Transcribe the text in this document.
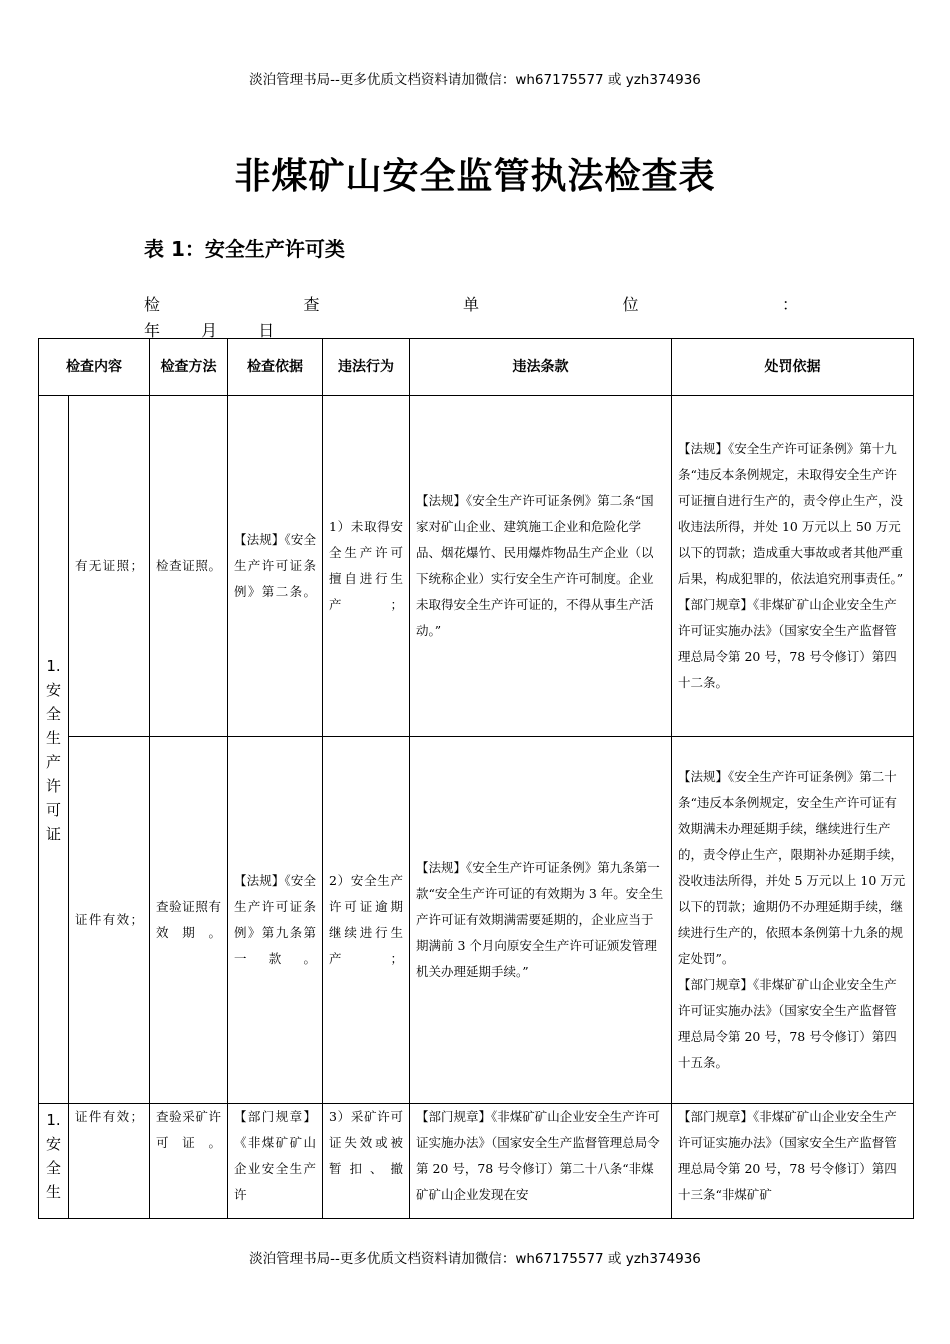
淡泊管理书局--更多优质文档资料请加微信：wh67175577 或 yzh374936
非煤矿山安全监管执法检查表
表 1：安全生产许可类
检	查	单	位	：
年	月	日
检查内容		检查方法	检查依据	违法行为	违法条款	处罚依据
1.安全生产许可证	有无证照；	检查证照。	【法规】《安全生产许可证条例》第二条。	1）未取得安全生产许可擅自进行生产；	【法规】《安全生产许可证条例》第二条“国家对矿山企业、建筑施工企业和危险化学品、烟花爆竹、民用爆炸物品生产企业（以下统称企业）实行安全生产许可制度。企业未取得安全生产许可证的，不得从事生产活动。”	【法规】《安全生产许可证条例》第十九条“违反本条例规定，未取得安全生产许可证擅自进行生产的，责令停止生产，没收违法所得，并处 10 万元以上 50 万元以下的罚款；造成重大事故或者其他严重后果，构成犯罪的，依法追究刑事责任。”
【部门规章】《非煤矿矿山企业安全生产许可证实施办法》（国家安全生产监督管理总局令第 20 号，78 号令修订）第四十二条。

	证件有效；	查验证照有效期。	【法规】《安全生产许可证条例》第九条第一款。	2）安全生产许可证逾期继续进行生产；	【法规】《安全生产许可证条例》第九条第一款“安全生产许可证的有效期为 3 年。安全生产许可证有效期满需要延期的，企业应当于期满前 3 个月向原安全生产许可证颁发管理机关办理延期手续。”	【法规】《安全生产许可证条例》第二十条“违反本条例规定，安全生产许可证有效期满未办理延期手续，继续进行生产的，责令停止生产，限期补办延期手续，没收违法所得，并处 5 万元以上 10 万元以下的罚款；逾期仍不办理延期手续，继续进行生产的，依照本条例第十九条的规定处罚”。
【部门规章】《非煤矿矿山企业安全生产许可证实施办法》（国家安全生产监督管理总局令第 20 号，78 号令修订）第四十五条。

1.安全生	证件有效；	查验采矿许可证。	【部门规章】《非煤矿矿山企业安全生产许	3）采矿许可证失效或被暂扣、撤	【部门规章】《非煤矿矿山企业安全生产许可证实施办法》（国家安全生产监督管理总局令第 20 号，78 号令修订）第二十八条“非煤矿矿山企业发现在安	【部门规章】《非煤矿矿山企业安全生产许可证实施办法》（国家安全生产监督管理总局令第 20 号，78 号令修订）第四十三条“非煤矿矿
淡泊管理书局--更多优质文档资料请加微信：wh67175577 或 yzh374936
